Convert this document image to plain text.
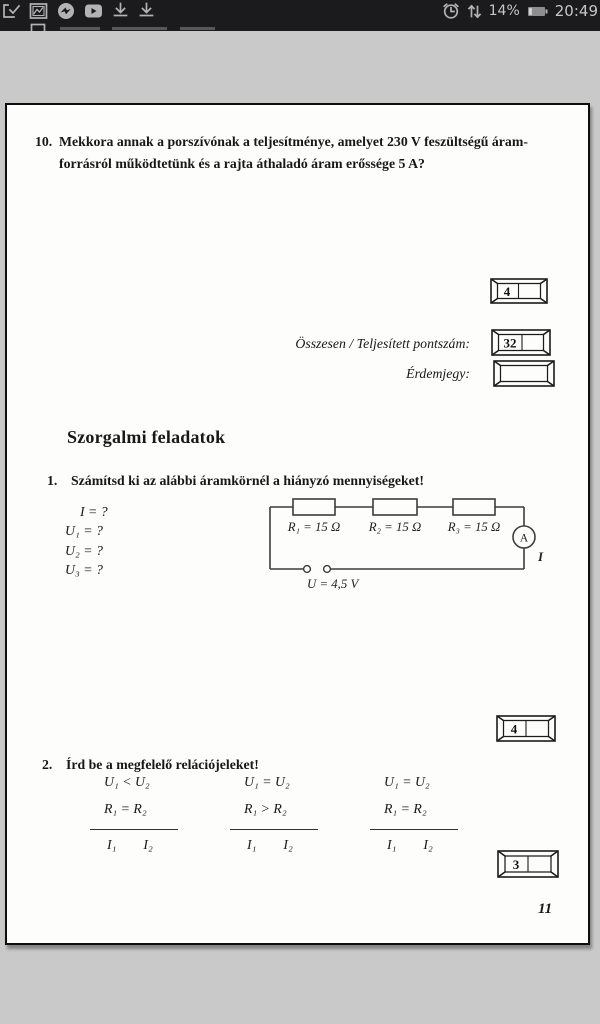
14% 20:49
10. Mekkora annak a porszívónak a teljesítménye, amelyet 230 V feszültségű áram-
forrásról működtetünk és a rajta áthaladó áram erőssége 5 A?
4
Összesen / Teljesített pontszám:	32
Érdemjegy:
Szorgalmi feladatok
1. Számítsd ki az alábbi áramkörnél a hiányzó mennyiségeket!
I = ?
U₁ = ?
U₂ = ?
U₃ = ?
R₁ = 15 Ω R₂ = 15 Ω R₃ = 15 Ω
A
I
U = 4,5 V
4
2. Írd be a megfelelő relációjeleket!
U₁ < U₂
R₁ = R₂
I₁ I₂
U₁ = U₂
R₁ > R₂
I₁ I₂
U₁ = U₂
R₁ = R₂
I₁ I₂
3
11
